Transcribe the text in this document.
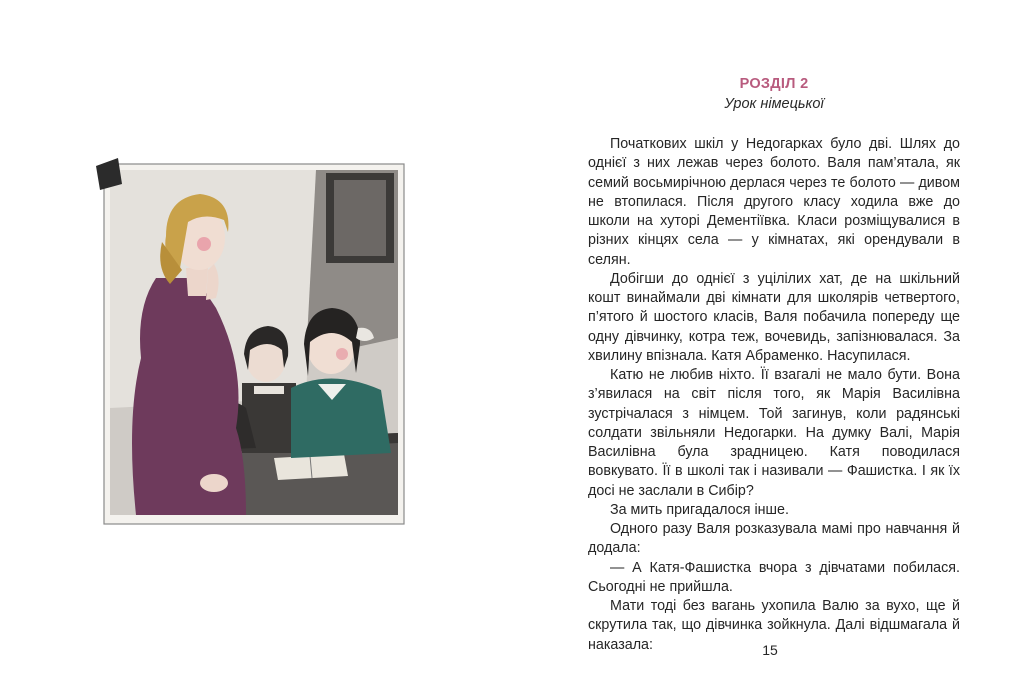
РОЗДІЛ 2
Урок німецької

Початкових шкіл у Недогарках було дві. Шлях до однієї з них лежав через болото. Валя пам’ятала, як семий восьмирічною дерлася через те болото — дивом не втопилася. Після другого класу ходила вже до школи на хуторі Дементіївка. Класи розміщувалися в різних кінцях села — у кімнатах, які орендували в селян.

Добігши до однієї з уцілілих хат, де на шкільний кошт винаймали дві кімнати для школярів четвертого, п’ятого й шостого класів, Валя побачила попереду ще одну дівчинку, котра теж, вочевидь, запізнювалася. За хвилину впізнала. Катя Абраменко. Насупилася.

Катю не любив ніхто. Її взагалі не мало бути. Вона з’явилася на світ після того, як Марія Василівна зустрічалася з німцем. Той загинув, коли радянські солдати звільняли Недогарки. На думку Валі, Марія Василівна була зрадницею. Катя поводилася вовкувато. Її в школі так і називали — Фашистка. І як їх досі не заслали в Сибір?

За мить пригадалося інше.

Одного разу Валя розказувала мамі про навчання й додала:

— А Катя-Фашистка вчора з дівчатами побилася. Сьогодні не прийшла.

Мати тоді без вагань ухопила Валю за вухо, ще й скрутила так, що дівчинка зойкнула. Далі відшмагала й наказала:	15
